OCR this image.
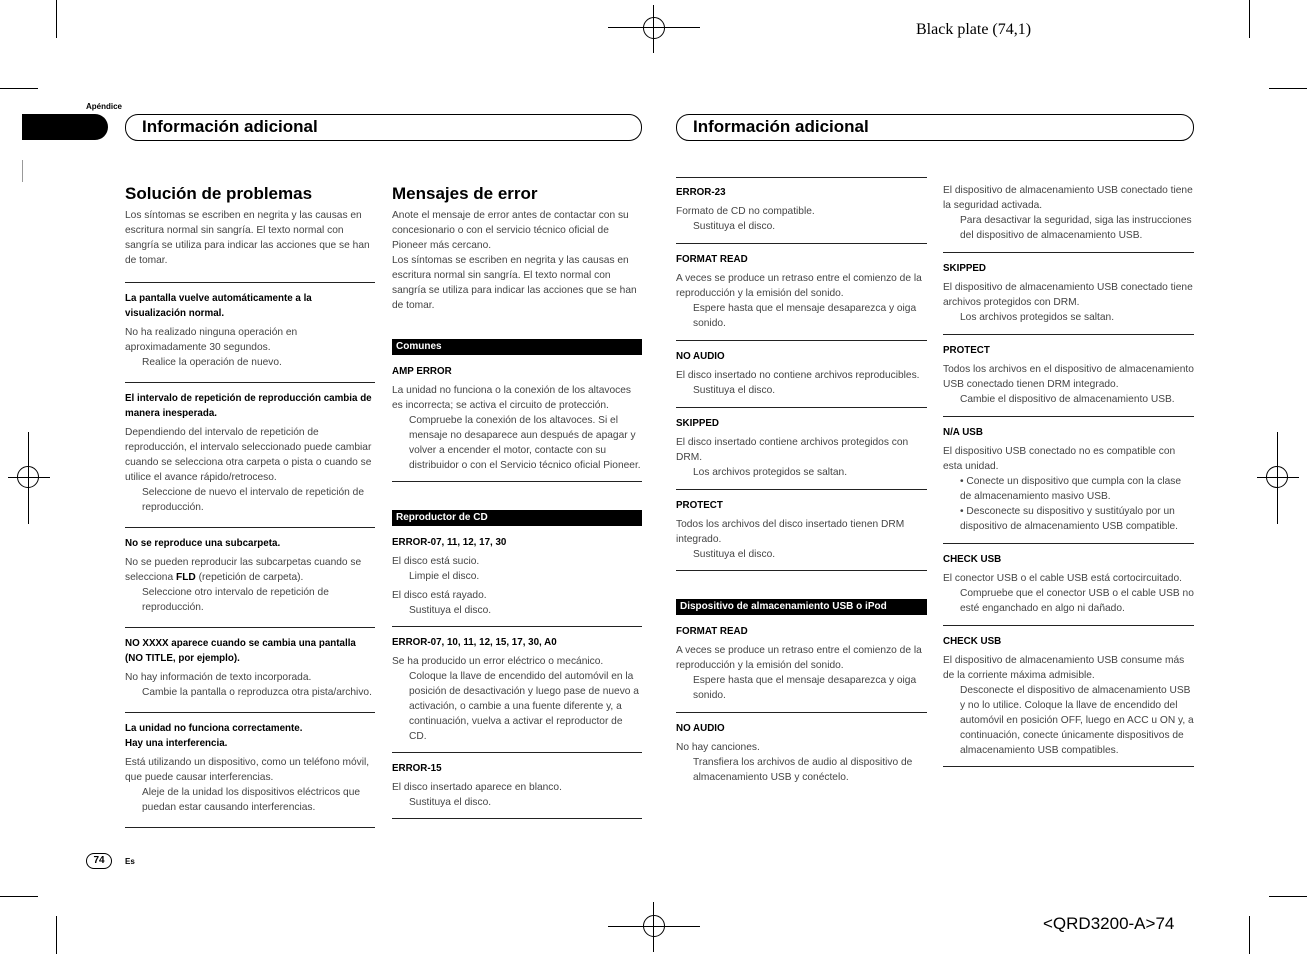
Black plate (74,1)
<QRD3200-A>74
Apéndice
Información adicional	Información adicional
Solución de problemas

Los síntomas se escriben en negrita y las causas en escritura normal sin sangría. El texto normal con sangría se utiliza para indicar las acciones que se han de tomar.

La pantalla vuelve automáticamente a la visualización normal.

No ha realizado ninguna operación en aproximadamente 30 segundos.

Realice la operación de nuevo.

El intervalo de repetición de reproducción cambia de manera inesperada.

Dependiendo del intervalo de repetición de reproducción, el intervalo seleccionado puede cambiar cuando se selecciona otra carpeta o pista o cuando se utilice el avance rápido/retroceso.

Seleccione de nuevo el intervalo de repetición de reproducción.

No se reproduce una subcarpeta.

No se pueden reproducir las subcarpetas cuando se selecciona FLD (repetición de carpeta).

Seleccione otro intervalo de repetición de reproducción.

NO XXXX aparece cuando se cambia una pantalla (NO TITLE, por ejemplo).

No hay información de texto incorporada.

Cambie la pantalla o reproduzca otra pista/archivo.

La unidad no funciona correctamente.
Hay una interferencia.

Está utilizando un dispositivo, como un teléfono móvil, que puede causar interferencias.

Aleje de la unidad los dispositivos eléctricos que puedan estar causando interferencias.

Mensajes de error

Anote el mensaje de error antes de contactar con su concesionario o con el servicio técnico oficial de Pioneer más cercano.

Los síntomas se escriben en negrita y las causas en escritura normal sin sangría. El texto normal con sangría se utiliza para indicar las acciones que se han de tomar.

Comunes
AMP ERROR

La unidad no funciona o la conexión de los altavoces es incorrecta; se activa el circuito de protección.

Compruebe la conexión de los altavoces. Si el mensaje no desaparece aun después de apagar y volver a encender el motor, contacte con su distribuidor o con el Servicio técnico oficial Pioneer.

Reproductor de CD
ERROR-07, 11, 12, 17, 30

El disco está sucio.

Limpie el disco.

El disco está rayado.

Sustituya el disco.

ERROR-07, 10, 11, 12, 15, 17, 30, A0

Se ha producido un error eléctrico o mecánico.

Coloque la llave de encendido del automóvil en la posición de desactivación y luego pase de nuevo a activación, o cambie a una fuente diferente y, a continuación, vuelva a activar el reproductor de CD.

ERROR-15

El disco insertado aparece en blanco.

Sustituya el disco.

ERROR-23

Formato de CD no compatible.

Sustituya el disco.

FORMAT READ

A veces se produce un retraso entre el comienzo de la reproducción y la emisión del sonido.

Espere hasta que el mensaje desaparezca y oiga sonido.

NO AUDIO

El disco insertado no contiene archivos reproducibles.

Sustituya el disco.

SKIPPED

El disco insertado contiene archivos protegidos con DRM.

Los archivos protegidos se saltan.

PROTECT

Todos los archivos del disco insertado tienen DRM integrado.

Sustituya el disco.

Dispositivo de almacenamiento USB o iPod
FORMAT READ

A veces se produce un retraso entre el comienzo de la reproducción y la emisión del sonido.

Espere hasta que el mensaje desaparezca y oiga sonido.

NO AUDIO

No hay canciones.

Transfiera los archivos de audio al dispositivo de almacenamiento USB y conéctelo.

El dispositivo de almacenamiento USB conectado tiene la seguridad activada.

Para desactivar la seguridad, siga las instrucciones del dispositivo de almacenamiento USB.

SKIPPED

El dispositivo de almacenamiento USB conectado tiene archivos protegidos con DRM.

Los archivos protegidos se saltan.

PROTECT

Todos los archivos en el dispositivo de almacenamiento USB conectado tienen DRM integrado.

Cambie el dispositivo de almacenamiento USB.

N/A USB

El dispositivo USB conectado no es compatible con esta unidad.

• Conecte un dispositivo que cumpla con la clase de almacenamiento masivo USB.

• Desconecte su dispositivo y sustitúyalo por un dispositivo de almacenamiento USB compatible.

CHECK USB

El conector USB o el cable USB está cortocircuitado.

Compruebe que el conector USB o el cable USB no esté enganchado en algo ni dañado.

CHECK USB

El dispositivo de almacenamiento USB consume más de la corriente máxima admisible.

Desconecte el dispositivo de almacenamiento USB y no lo utilice. Coloque la llave de encendido del automóvil en posición OFF, luego en ACC u ON y, a continuación, conecte únicamente dispositivos de almacenamiento USB compatibles.

74	Es
